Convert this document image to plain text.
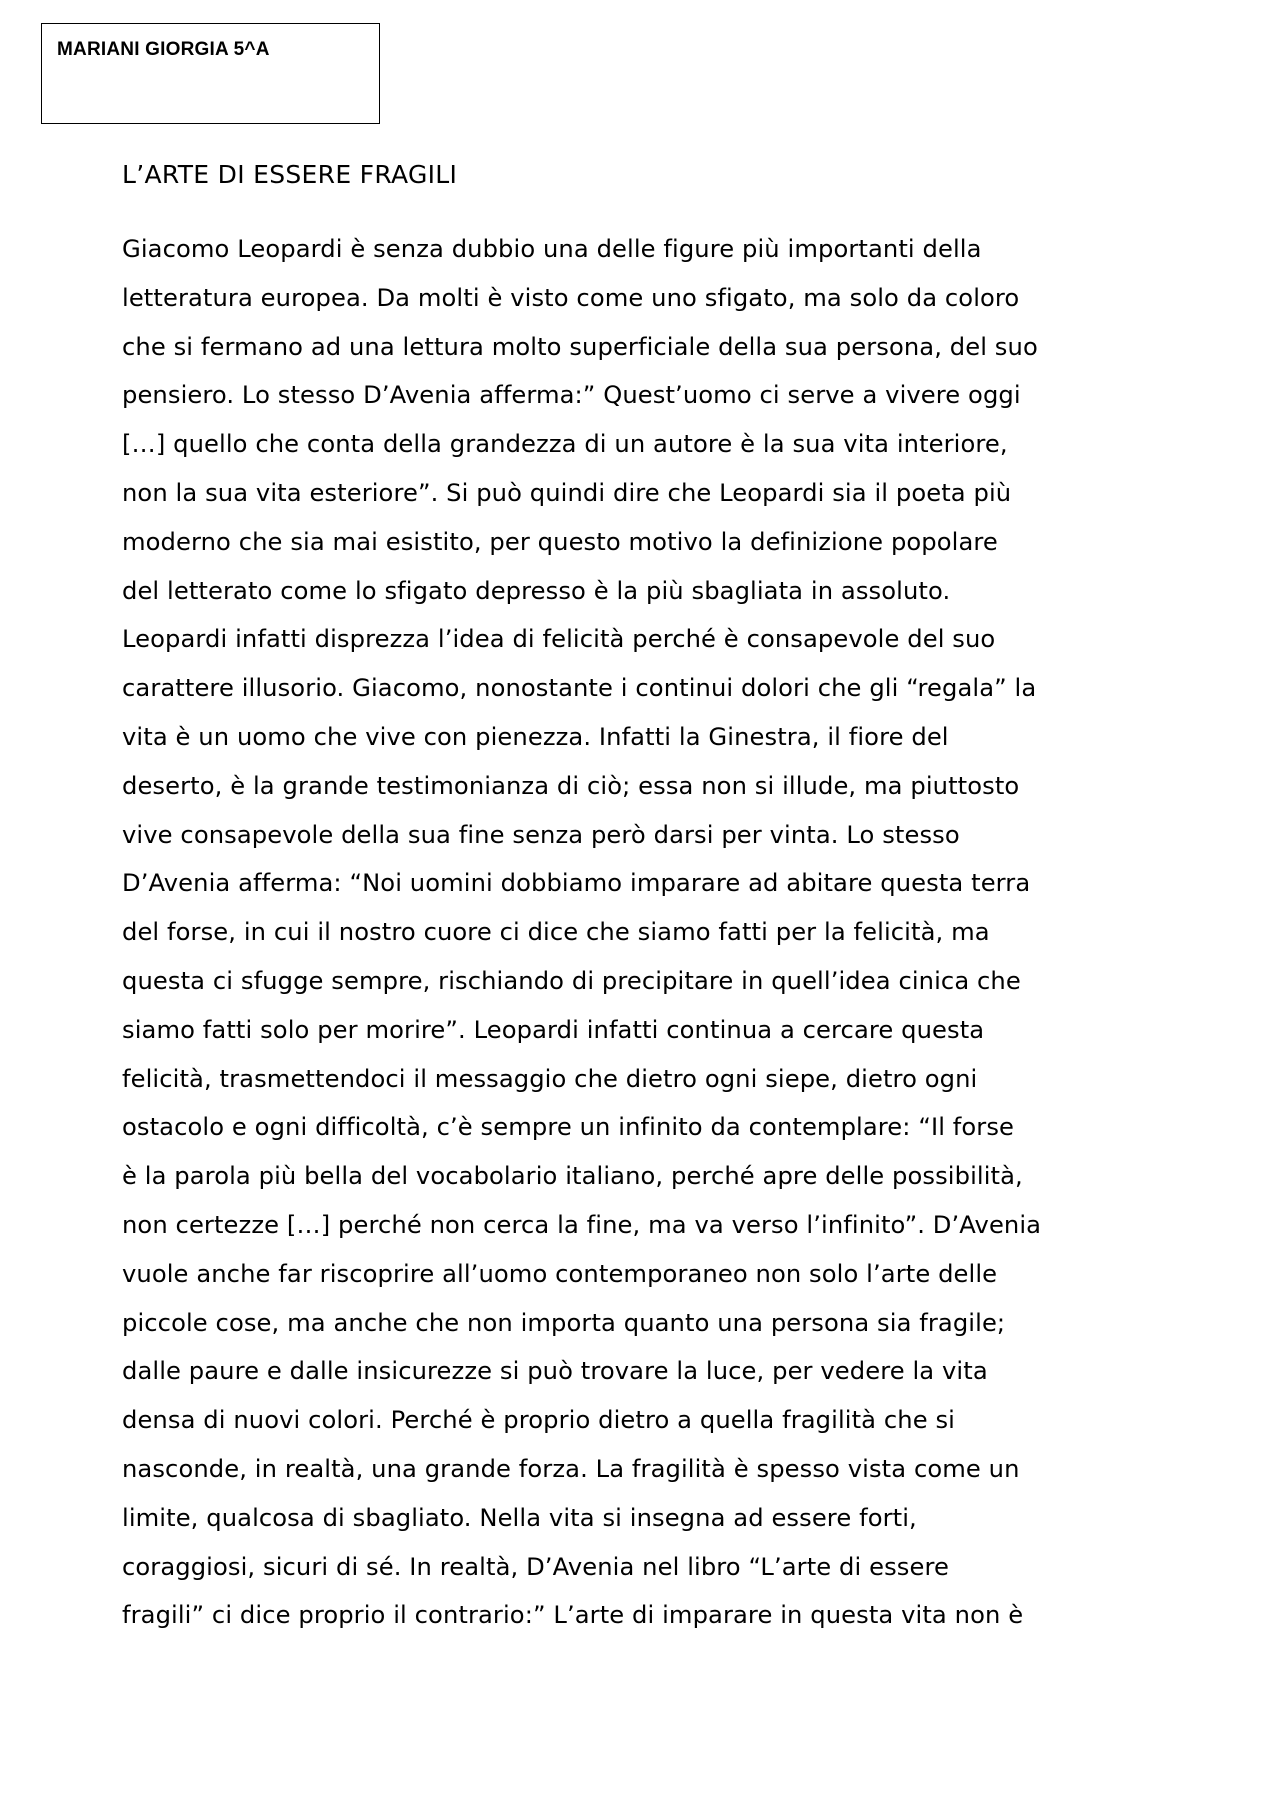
MARIANI GIORGIA 5^A
L’ARTE DI ESSERE FRAGILI
Giacomo Leopardi è senza dubbio una delle figure più importanti della
letteratura europea. Da molti è visto come uno sfigato, ma solo da coloro
che si fermano ad una lettura molto superficiale della sua persona, del suo
pensiero. Lo stesso D’Avenia afferma:” Quest’uomo ci serve a vivere oggi
[…] quello che conta della grandezza di un autore è la sua vita interiore,
non la sua vita esteriore”. Si può quindi dire che Leopardi sia il poeta più
moderno che sia mai esistito, per questo motivo la definizione popolare
del letterato come lo sfigato depresso è la più sbagliata in assoluto.
Leopardi infatti disprezza l’idea di felicità perché è consapevole del suo
carattere illusorio. Giacomo, nonostante i continui dolori che gli “regala” la
vita è un uomo che vive con pienezza. Infatti la Ginestra, il fiore del
deserto, è la grande testimonianza di ciò; essa non si illude, ma piuttosto
vive consapevole della sua fine senza però darsi per vinta. Lo stesso
D’Avenia afferma: “Noi uomini dobbiamo imparare ad abitare questa terra
del forse, in cui il nostro cuore ci dice che siamo fatti per la felicità, ma
questa ci sfugge sempre, rischiando di precipitare in quell’idea cinica che
siamo fatti solo per morire”. Leopardi infatti continua a cercare questa
felicità, trasmettendoci il messaggio che dietro ogni siepe, dietro ogni
ostacolo e ogni difficoltà, c’è sempre un infinito da contemplare: “Il forse
è la parola più bella del vocabolario italiano, perché apre delle possibilità,
non certezze […] perché non cerca la fine, ma va verso l’infinito”. D’Avenia
vuole anche far riscoprire all’uomo contemporaneo non solo l’arte delle
piccole cose, ma anche che non importa quanto una persona sia fragile;
dalle paure e dalle insicurezze si può trovare la luce, per vedere la vita
densa di nuovi colori. Perché è proprio dietro a quella fragilità che si
nasconde, in realtà, una grande forza. La fragilità è spesso vista come un
limite, qualcosa di sbagliato. Nella vita si insegna ad essere forti,
coraggiosi, sicuri di sé. In realtà, D’Avenia nel libro “L’arte di essere
fragili” ci dice proprio il contrario:” L’arte di imparare in questa vita non è
